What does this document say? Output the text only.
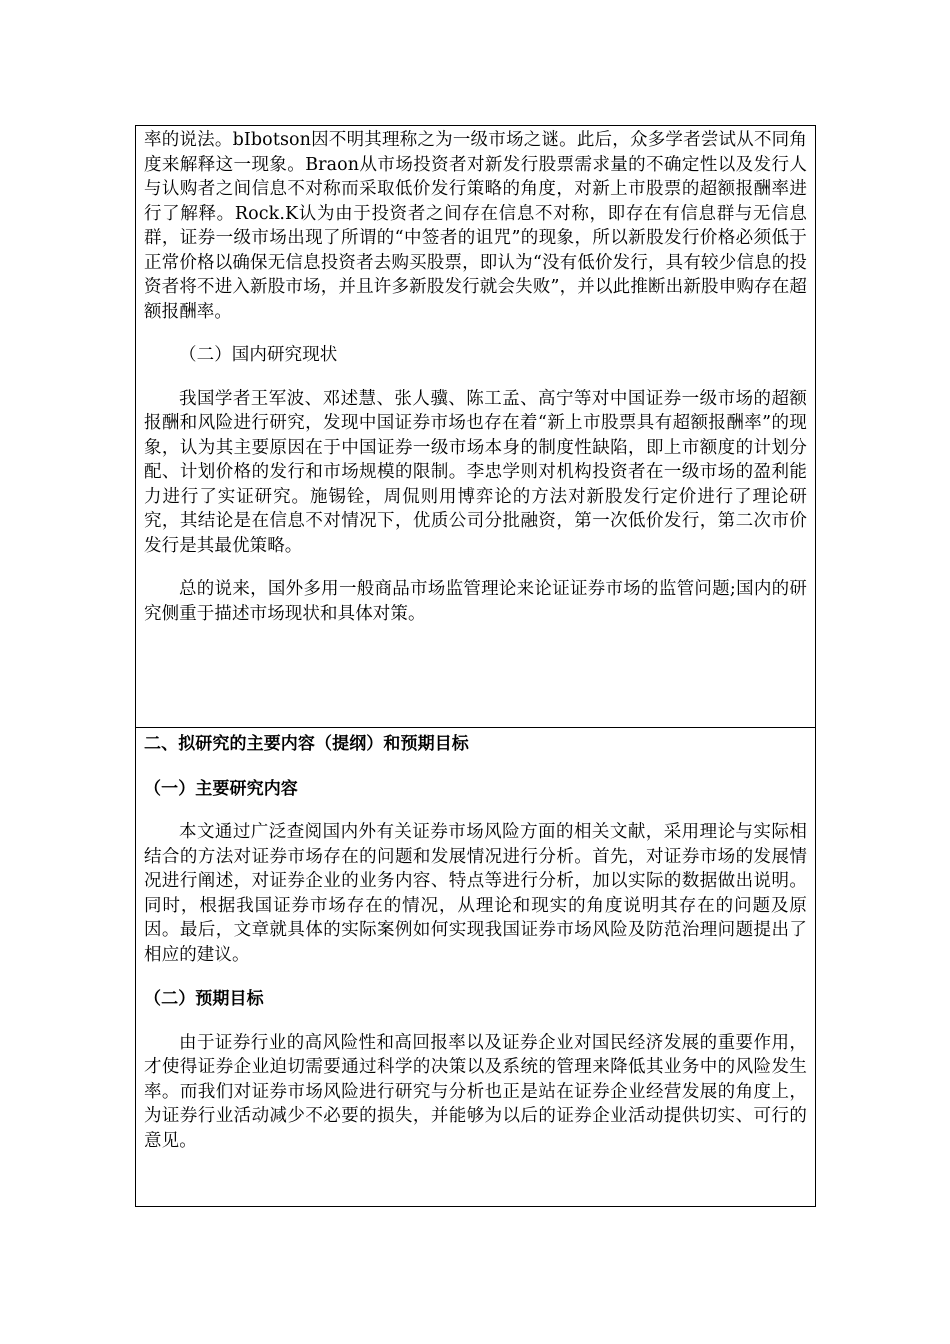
率的说法。bIbotson因不明其理称之为一级市场之谜。此后，众多学者尝试从不同角度来解释这一现象。Braon从市场投资者对新发行股票需求量的不确定性以及发行人与认购者之间信息不对称而采取低价发行策略的角度，对新上市股票的超额报酬率进行了解释。Rock.K认为由于投资者之间存在信息不对称，即存在有信息群与无信息群，证券一级市场出现了所谓的“中签者的诅咒”的现象，所以新股发行价格必须低于正常价格以确保无信息投资者去购买股票，即认为“没有低价发行，具有较少信息的投资者将不进入新股市场，并且许多新股发行就会失败”，并以此推断出新股申购存在超额报酬率。

（二）国内研究现状

我国学者王军波、邓述慧、张人骥、陈工孟、高宁等对中国证券一级市场的超额报酬和风险进行研究，发现中国证券市场也存在着“新上市股票具有超额报酬率”的现象，认为其主要原因在于中国证券一级市场本身的制度性缺陷，即上市额度的计划分配、计划价格的发行和市场规模的限制。李忠学则对机构投资者在一级市场的盈利能力进行了实证研究。施锡铨，周侃则用博弈论的方法对新股发行定价进行了理论研究，其结论是在信息不对情况下，优质公司分批融资，第一次低价发行，第二次市价发行是其最优策略。

总的说来，国外多用一般商品市场监管理论来论证证券市场的监管问题;国内的研究侧重于描述市场现状和具体对策。

二、拟研究的主要内容（提纲）和预期目标

（一）主要研究内容

本文通过广泛查阅国内外有关证券市场风险方面的相关文献，采用理论与实际相结合的方法对证券市场存在的问题和发展情况进行分析。首先，对证券市场的发展情况进行阐述，对证券企业的业务内容、特点等进行分析，加以实际的数据做出说明。同时，根据我国证券市场存在的情况，从理论和现实的角度说明其存在的问题及原因。最后，文章就具体的实际案例如何实现我国证券市场风险及防范治理问题提出了相应的建议。

（二）预期目标

由于证券行业的高风险性和高回报率以及证券企业对国民经济发展的重要作用，才使得证券企业迫切需要通过科学的决策以及系统的管理来降低其业务中的风险发生率。而我们对证券市场风险进行研究与分析也正是站在证券企业经营发展的角度上，为证券行业活动减少不必要的损失，并能够为以后的证券企业活动提供切实、可行的意见。
